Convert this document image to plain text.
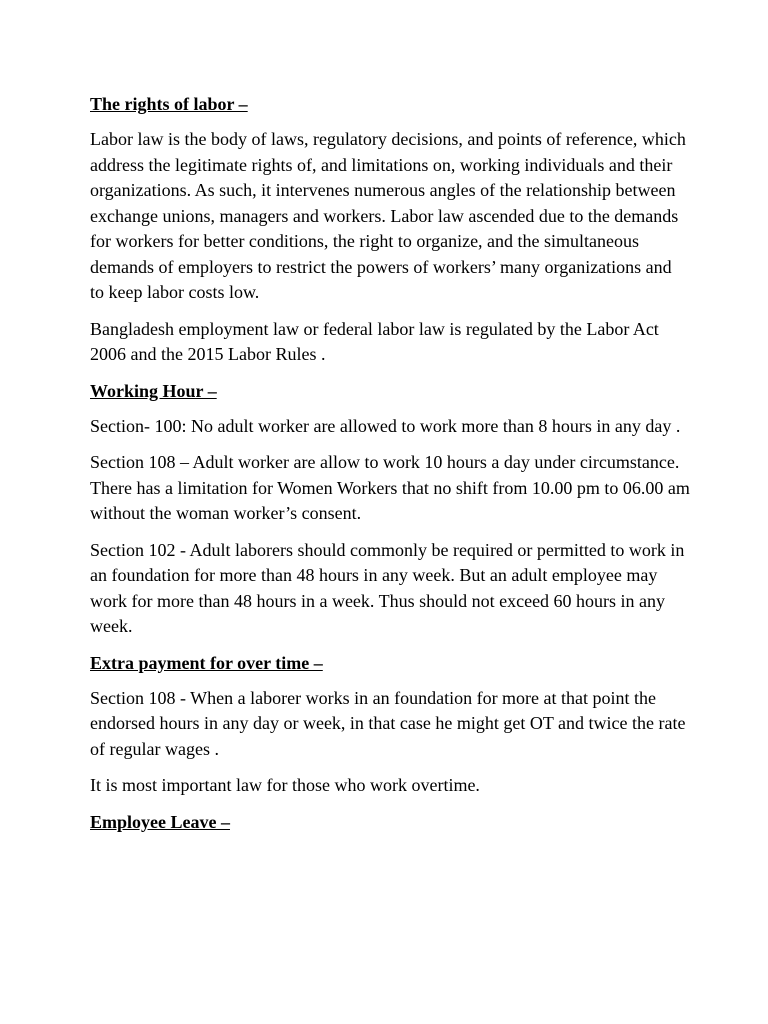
The rights of labor –
Labor law is the body of laws, regulatory decisions, and points of reference, which address the legitimate rights of, and limitations on, working individuals and their organizations. As such, it intervenes numerous angles of the relationship between exchange unions, managers and workers. Labor law ascended due to the demands for workers for better conditions, the right to organize, and the simultaneous demands of employers to restrict the powers of workers’ many organizations and to keep labor costs low.
Bangladesh employment law or federal labor law is regulated by the Labor Act 2006 and the 2015 Labor Rules .
Working Hour –
Section- 100: No adult worker are allowed to work more than 8 hours in any day .
Section 108 – Adult worker are allow to work 10 hours a day under circumstance. There has a limitation for Women Workers that no shift from 10.00 pm to 06.00 am without the woman worker’s consent.
Section 102 - Adult laborers should commonly be required or permitted to work in an foundation for more than 48 hours in any week. But an adult employee may work for more than 48 hours in a week. Thus should not exceed 60 hours in any week.
Extra payment for over time –
Section 108 - When a laborer works in an foundation for more at that point the endorsed hours in any day or week, in that case he might get OT and twice the rate of regular wages .
It is most important law for those who work overtime.
Employee Leave –
